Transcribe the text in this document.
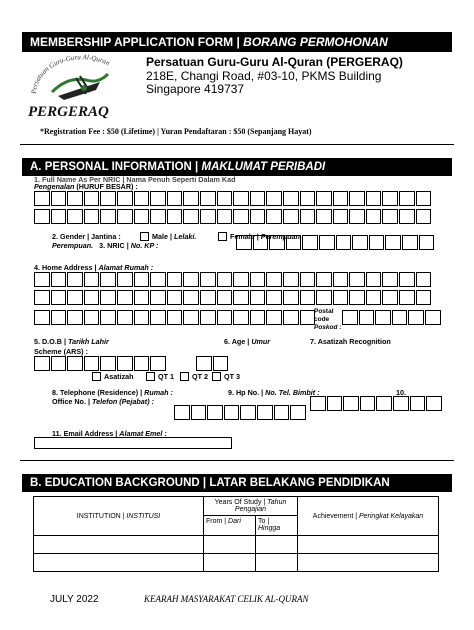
MEMBERSHIP APPLICATION FORM |
BORANG PERMOHONAN
Persatuan Guru-Guru Al-Quran
PERGERAQ
Persatuan Guru-Guru Al-Quran (PERGERAQ)
218E, Changi Road, #03-10, PKMS Building
Singapore 419737
*Registration Fee : $50 (Lifetime) | Yuran Pendaftaran : $50 (Sepanjang Hayat)
A. PERSONAL INFORMATION |
MAKLUMAT PERIBADI
1. Full Name As Per NRIC | Nama Penuh Seperti Dalam Kad
Pengenalan (HURUF BESAR) :
2. Gender | Jantina :	Male | Lelaki.	Female | Perempuan.
Perempuan. 3. NRIC | No. KP :
4. Home Address | Alamat Rumah :
Postal
code
Poskod :
5. D.O.B | Tarikh Lahir	6. Age | Umur	7. Asatizah Recognition
Scheme (ARS) :
Asatizah	QT 1	QT 2 QT 3
8. Telephone (Residence) | Rumah :	9. Hp No. | No. Tel. Bimbit :	10.
Office No. | Telefon (Pejabat) :
11. Email Address | Alamat Emel :
B. EDUCATION BACKGROUND | LATAR BELAKANG PENDIDIKAN
INSTITUTION | INSTITUSI	Years Of Study | Tahun Pengajian		Achievement | Peringkat Kelayakan
	From | Dari	To |
Hingga	

JULY 2022	KEARAH MASYARAKAT CELIK AL-QURAN
